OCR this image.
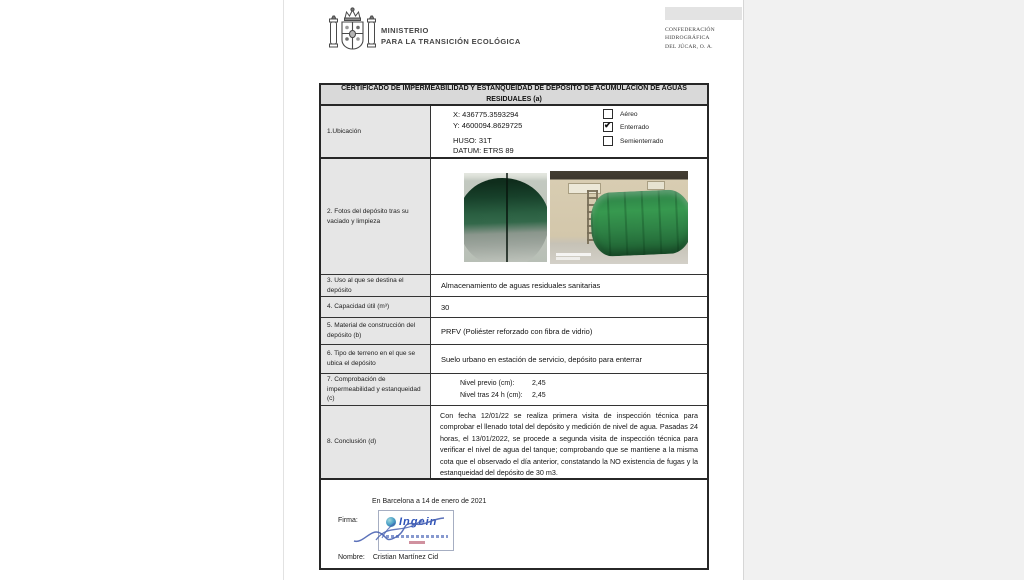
MINISTERIO
PARA LA TRANSICIÓN ECOLÓGICA
CONFEDERACIÓN
HIDROGRÁFICA
DEL JÚCAR, O. A.
CERTIFICADO DE IMPERMEABILIDAD Y ESTANQUEIDAD DE DEPÓSITO DE ACUMULACIÓN DE AGUAS RESIDUALES (a)
1.Ubicación
X: 436775.3593294
Y: 4600094.8629725
HUSO: 31T
DATUM: ETRS 89
Aéreo
✔ Enterrado
Semienterrado
2. Fotos del depósito tras su vaciado y limpieza
3. Uso al que se destina el depósito	Almacenamiento de aguas residuales sanitarias
4. Capacidad útil (m³)	30
5. Material de construcción del depósito (b)	PRFV (Poliéster reforzado con fibra de vidrio)
6. Tipo de terreno en el que se ubica el depósito	Suelo urbano en estación de servicio, depósito para enterrar
7. Comprobación de impermeabilidad y estanqueidad (c)
Nivel previo (cm):	2,45
Nivel tras 24 h (cm):	2,45
8. Conclusión (d)
Con fecha 12/01/22 se realiza primera visita de inspección técnica para comprobar el llenado total del depósito y medición de nivel de agua. Pasadas 24 horas, el 13/01/2022, se procede a segunda visita de inspección técnica para verificar el nivel de agua del tanque; comprobando que se mantiene a la misma cota que el observado el día anterior, constatando la NO existencia de fugas y la estanqueidad del depósito de 30 m3.
En Barcelona a 14 de enero de 2021
Firma:	Ingein
Nombre: Cristian Martínez Cid
